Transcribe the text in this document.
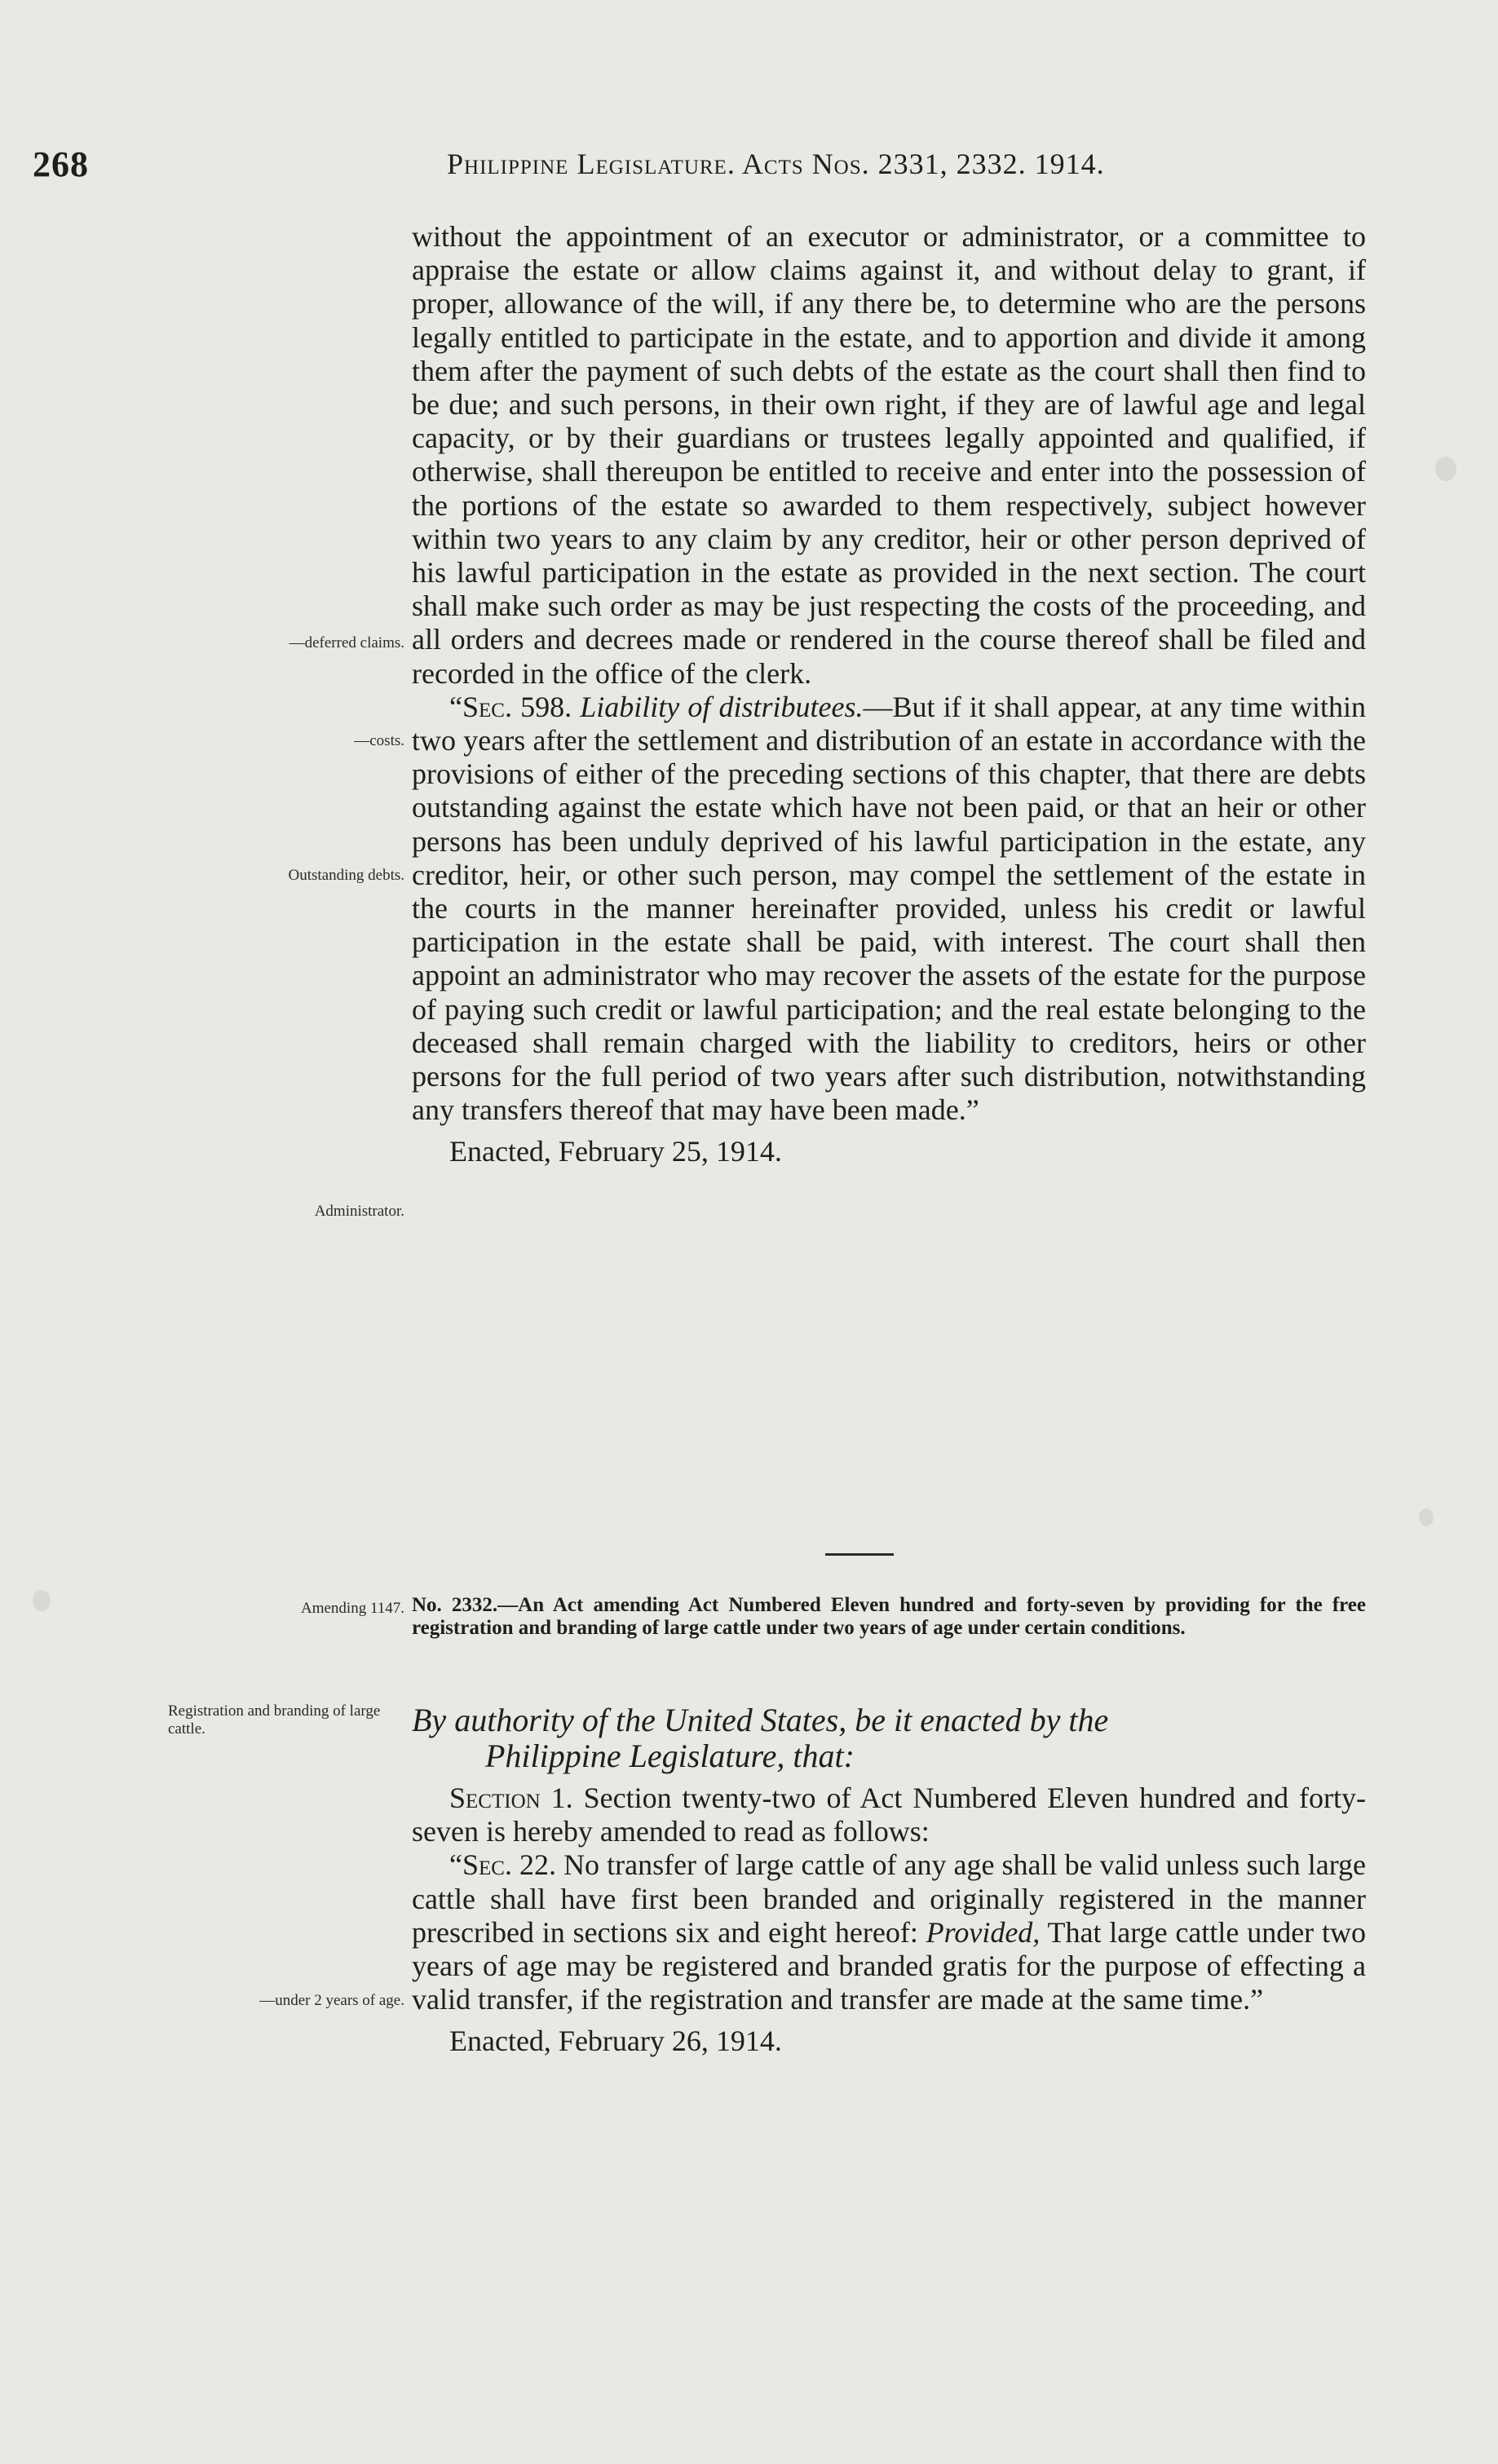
268	Philippine Legislature. Acts Nos. 2331, 2332. 1914.
—deferred claims.
—costs.
Outstanding debts.
Administrator.
Amending 1147.
Registration and branding of large cattle.
—under 2 years of age.

without the appointment of an executor or administrator, or a committee to appraise the estate or allow claims against it, and without delay to grant, if proper, allowance of the will, if any there be, to determine who are the persons legally entitled to participate in the estate, and to apportion and divide it among them after the payment of such debts of the estate as the court shall then find to be due; and such persons, in their own right, if they are of lawful age and legal capacity, or by their guardians or trustees legally appointed and qualified, if otherwise, shall thereupon be entitled to receive and enter into the possession of the portions of the estate so awarded to them respectively, subject however within two years to any claim by any creditor, heir or other person deprived of his lawful participation in the estate as provided in the next section. The court shall make such order as may be just respecting the costs of the proceeding, and all orders and decrees made or rendered in the course thereof shall be filed and recorded in the office of the clerk.

“Sec. 598. Liability of distributees.—But if it shall appear, at any time within two years after the settlement and distribution of an estate in accordance with the provisions of either of the preceding sections of this chapter, that there are debts outstanding against the estate which have not been paid, or that an heir or other persons has been unduly deprived of his lawful participation in the estate, any creditor, heir, or other such person, may compel the settlement of the estate in the courts in the manner hereinafter provided, unless his credit or lawful participation in the estate shall be paid, with interest. The court shall then appoint an administrator who may recover the assets of the estate for the purpose of paying such credit or lawful participation; and the real estate belonging to the deceased shall remain charged with the liability to creditors, heirs or other persons for the full period of two years after such distribution, notwithstanding any transfers thereof that may have been made.”

Enacted, February 25, 1914.

No. 2332.—An Act amending Act Numbered Eleven hundred and forty-seven by providing for the free registration and branding of large cattle under two years of age under certain conditions.
By authority of the United States, be it enacted by the
Philippine Legislature, that:

Section 1. Section twenty-two of Act Numbered Eleven hundred and forty-seven is hereby amended to read as follows:

“Sec. 22. No transfer of large cattle of any age shall be valid unless such large cattle shall have first been branded and originally registered in the manner prescribed in sections six and eight hereof: Provided, That large cattle under two years of age may be registered and branded gratis for the purpose of effecting a valid transfer, if the registration and transfer are made at the same time.”

Enacted, February 26, 1914.
